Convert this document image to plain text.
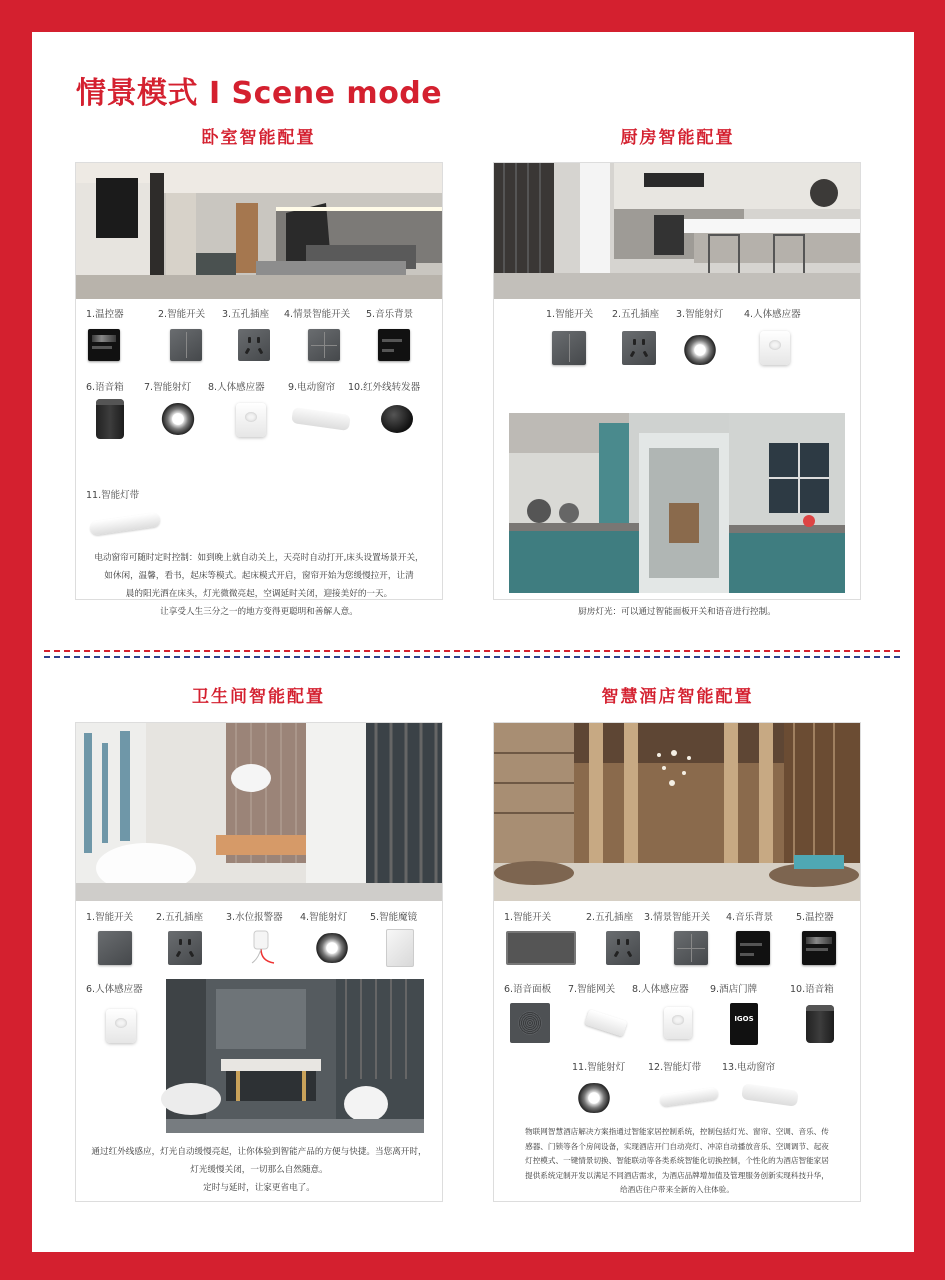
情景模式 I Scene mode
卧室智能配置	厨房智能配置
卫生间智能配置	智慧酒店智能配置
1.温控器	2.智能开关 3.五孔插座 4.情景智能开关 5.音乐背景
6.语音箱 7.智能射灯 8.人体感应器 9.电动窗帘 10.红外线转发器
11.智能灯带
电动窗帘可随时定时控制：如到晚上就自动关上，天亮时自动打开,床头设置场景开关，
如休闲，温馨，看书，起床等模式。起床模式开启，窗帘开始为您缓慢拉开，让清
晨的阳光洒在床头，灯光微微亮起，空调延时关闭，迎接美好的一天。
让享受人生三分之一的地方变得更聪明和善解人意。
1.智能开关 2.五孔插座 3.智能射灯 4.人体感应器
厨房灯光：可以通过智能面板开关和语音进行控制。
1.智能开关 2.五孔插座 3.水位报警器 4.智能射灯 5.智能魔镜
6.人体感应器
通过红外线感应，灯光自动缓慢亮起，让你体验到智能产品的方便与快捷。当您离开时，
灯光缓慢关闭，一切那么自然随意。
定时与延时，让家更省电了。
1.智能开关	2.五孔插座 3.情景智能开关 4.音乐背景 5.温控器
6.语音面板 7.智能网关 8.人体感应器 9.酒店门牌	10.语音箱
IGOS
11.智能射灯 12.智能灯带 13.电动窗帘
物联网智慧酒店解决方案指通过智能家居控制系统，控制包括灯光、窗帘、空调、音乐、传
感器、门锁等各个房间设备，实现酒店开门自动亮灯、冲凉自动播放音乐、空调调节、起夜
灯控模式、一键情景切换、智能联动等各类系统智能化切换控制，个性化的为酒店智能家居
提供系统定制开发以满足不同酒店需求，为酒店品牌增加值及管理服务创新实现科技升华，
给酒店住户带来全新的入住体验。
